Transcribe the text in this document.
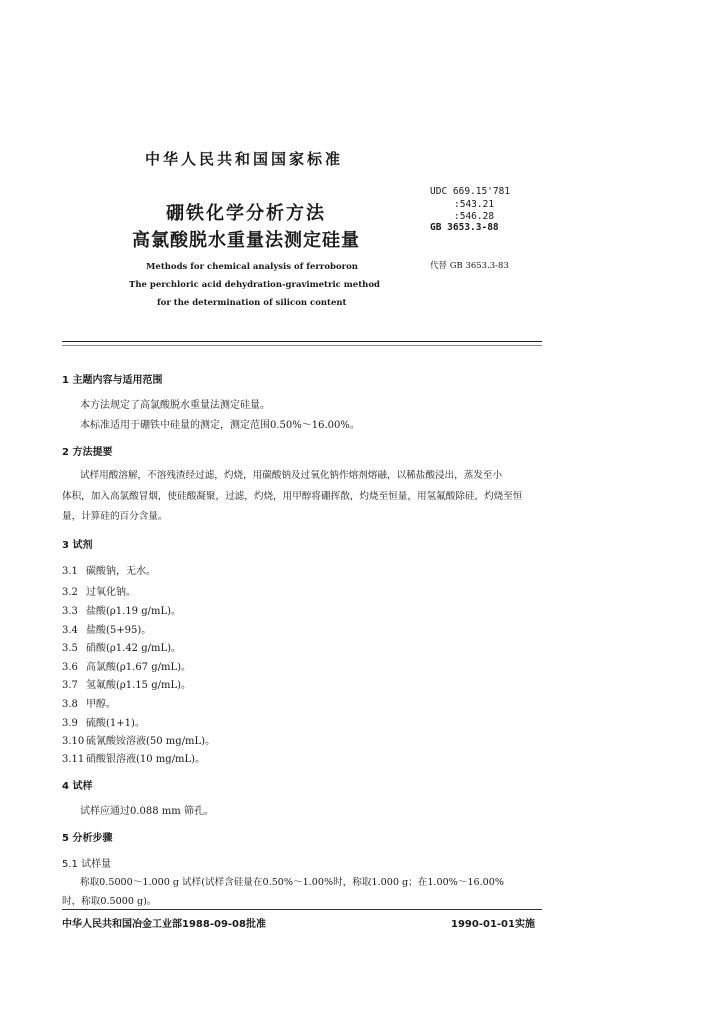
中华人民共和国国家标准
硼铁化学分析方法
高氯酸脱水重量法测定硅量
Methods for chemical analysis of ferroboron
The perchloric acid dehydration-gravimetric method
for the determination of silicon content
UDC 669.15'781
:543.21
:546.28
GB 3653.3-88
代替 GB 3653.3-83
1 主题内容与适用范围
本方法规定了高氯酸脱水重量法测定硅量。
本标准适用于硼铁中硅量的测定，测定范围0.50%～16.00%。
2 方法提要
试样用酸溶解，不溶残渣经过滤，灼烧，用碳酸钠及过氧化钠作熔剂熔融，以稀盐酸浸出，蒸发至小
体积，加入高氯酸冒烟，使硅酸凝聚，过滤，灼烧，用甲醇将硼挥散，灼烧至恒量，用氢氟酸除硅，灼烧至恒
量，计算硅的百分含量。
3 试剂
3.1 碳酸钠，无水。
3.2 过氧化钠。
3.3 盐酸(ρ1.19 g/mL)。
3.4 盐酸(5+95)。
3.5 硝酸(ρ1.42 g/mL)。
3.6 高氯酸(ρ1.67 g/mL)。
3.7 氢氟酸(ρ1.15 g/mL)。
3.8 甲醇。
3.9 硫酸(1+1)。
3.10 硫氰酸铵溶液(50 mg/mL)。
3.11 硝酸银溶液(10 mg/mL)。
4 试样
试样应通过0.088 mm 筛孔。
5 分析步骤
5.1 试样量
称取0.5000～1.000 g 试样(试样含硅量在0.50%～1.00%时，称取1.000 g；在1.00%～16.00%
时，称取0.5000 g)。
中华人民共和国冶金工业部1988-09-08批准	1990-01-01实施
